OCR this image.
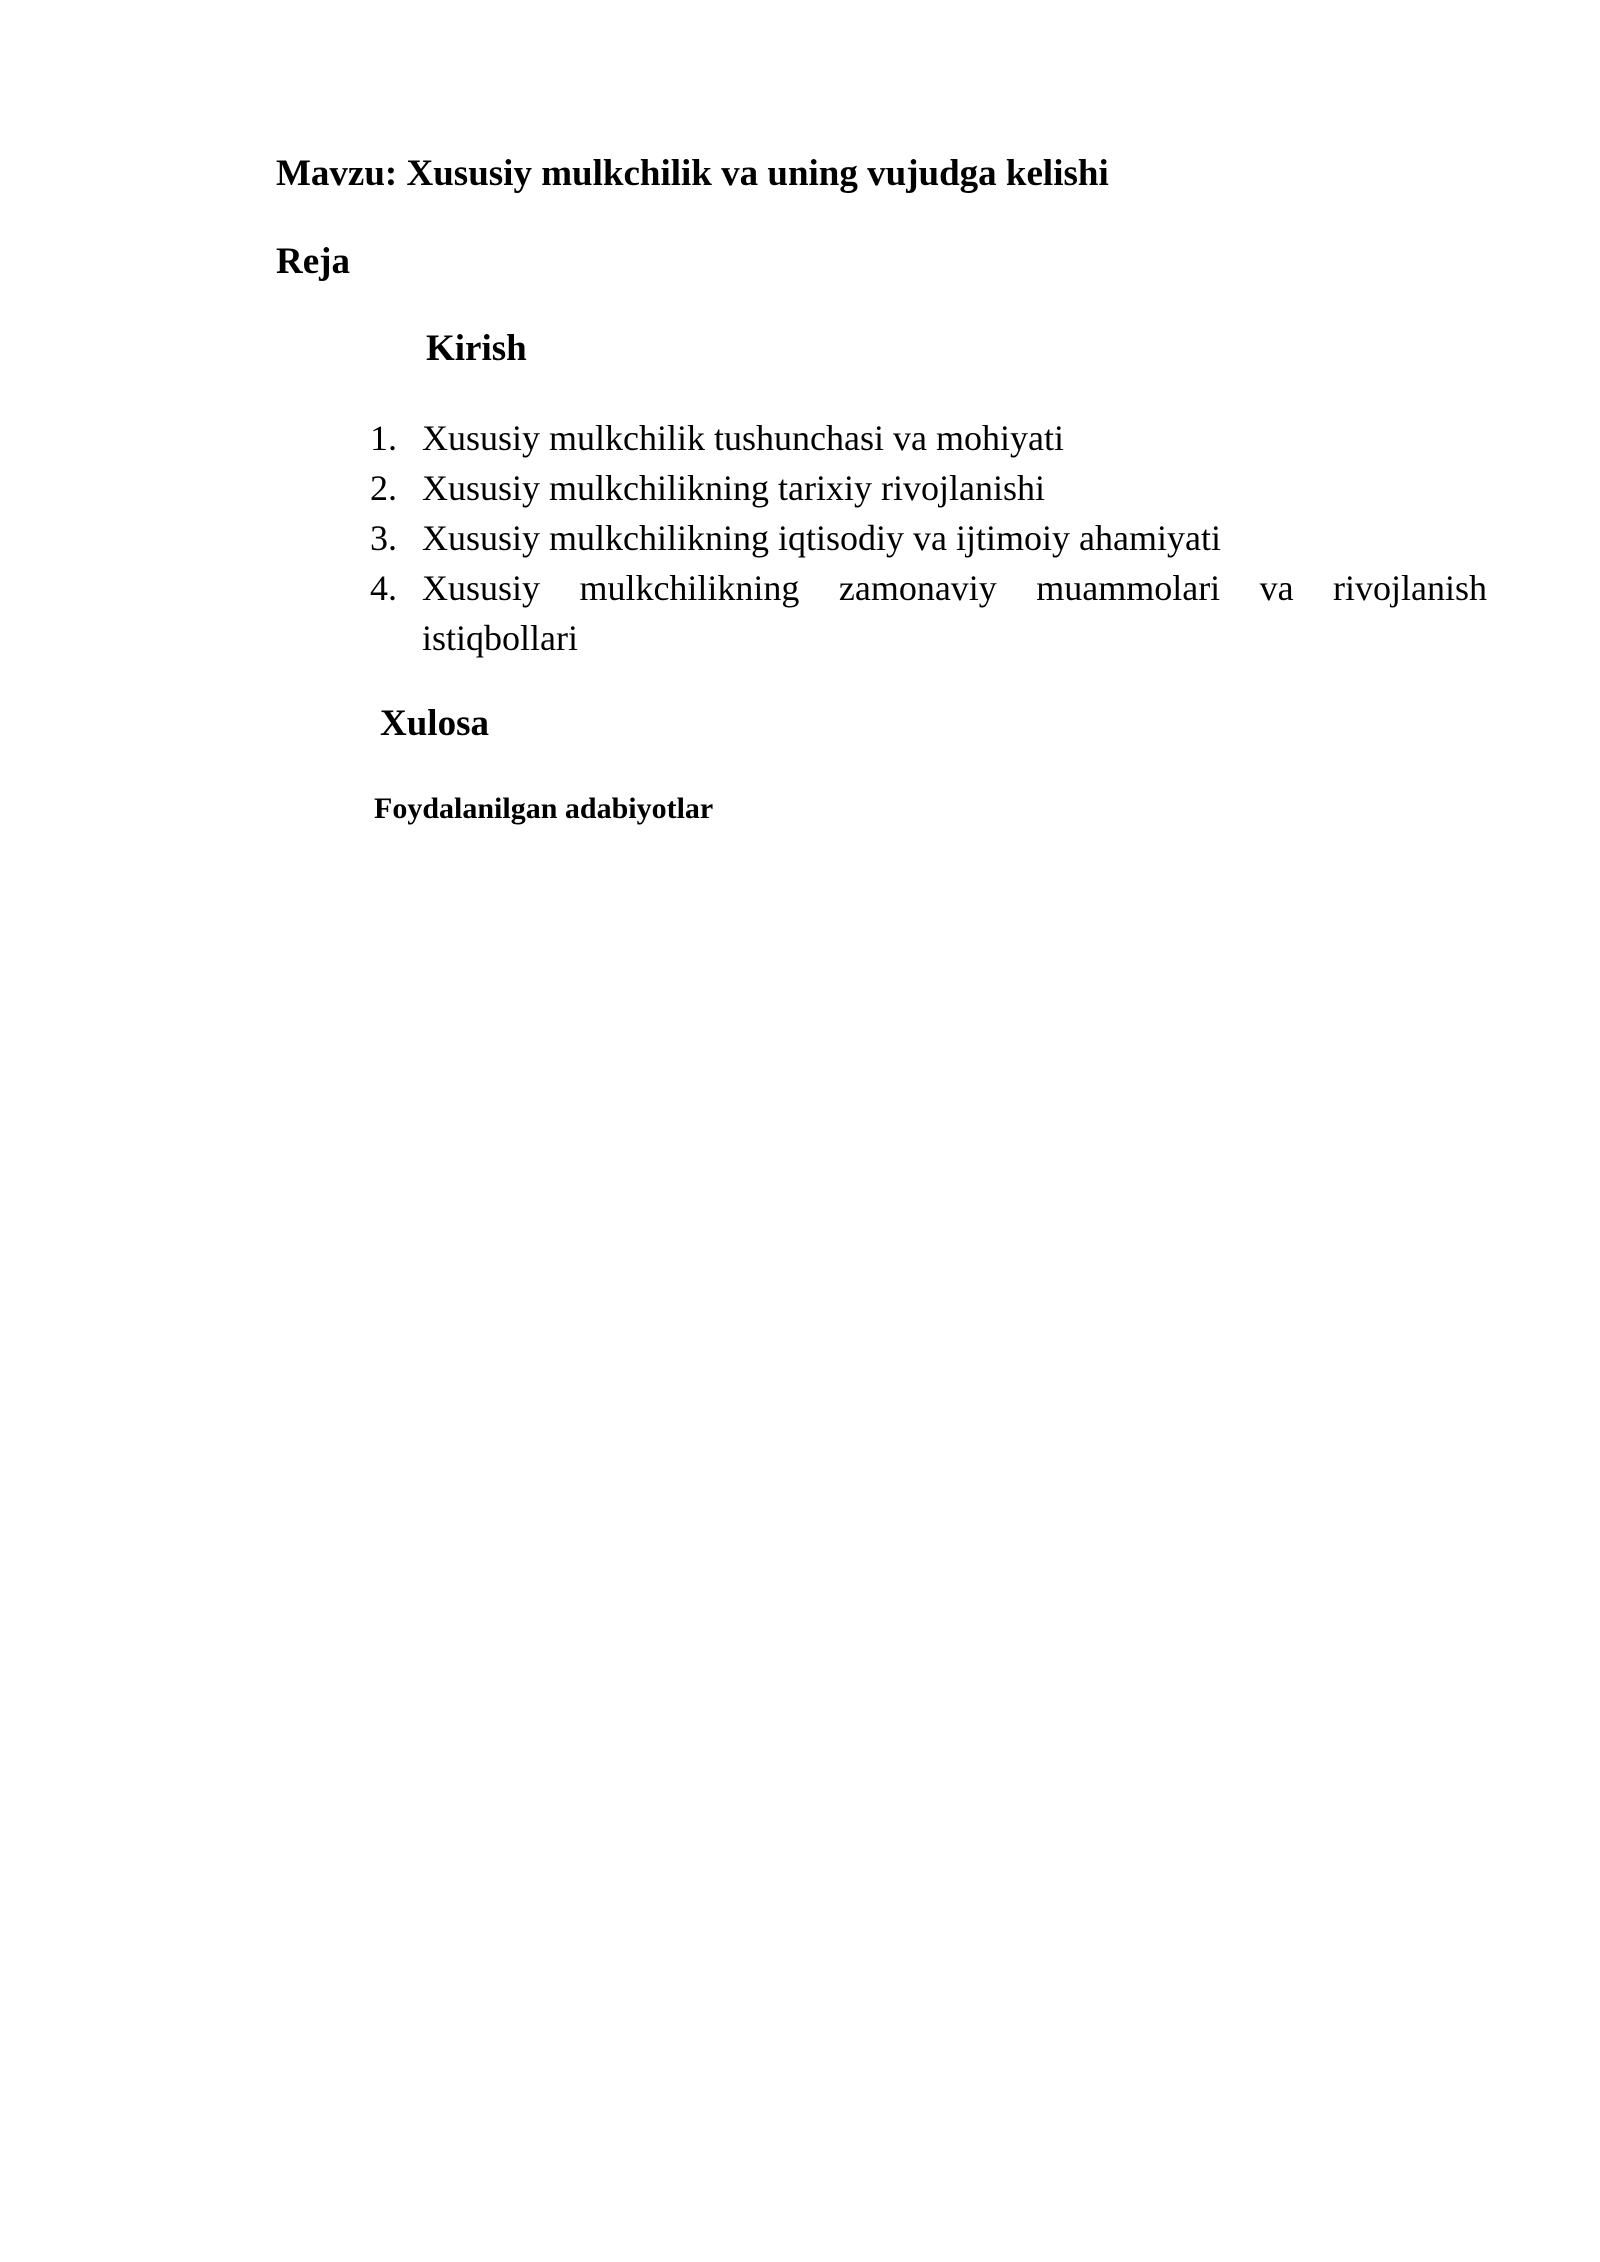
Mavzu: Xususiy mulkchilik va uning vujudga kelishi
Reja
Kirish
1. Xususiy mulkchilik tushunchasi va mohiyati
2. Xususiy mulkchilikning tarixiy rivojlanishi
3. Xususiy mulkchilikning iqtisodiy va ijtimoiy ahamiyati
4. Xususiy mulkchilikning zamonaviy muammolari va rivojlanish istiqbollari
Xulosa
Foydalanilgan adabiyotlar
